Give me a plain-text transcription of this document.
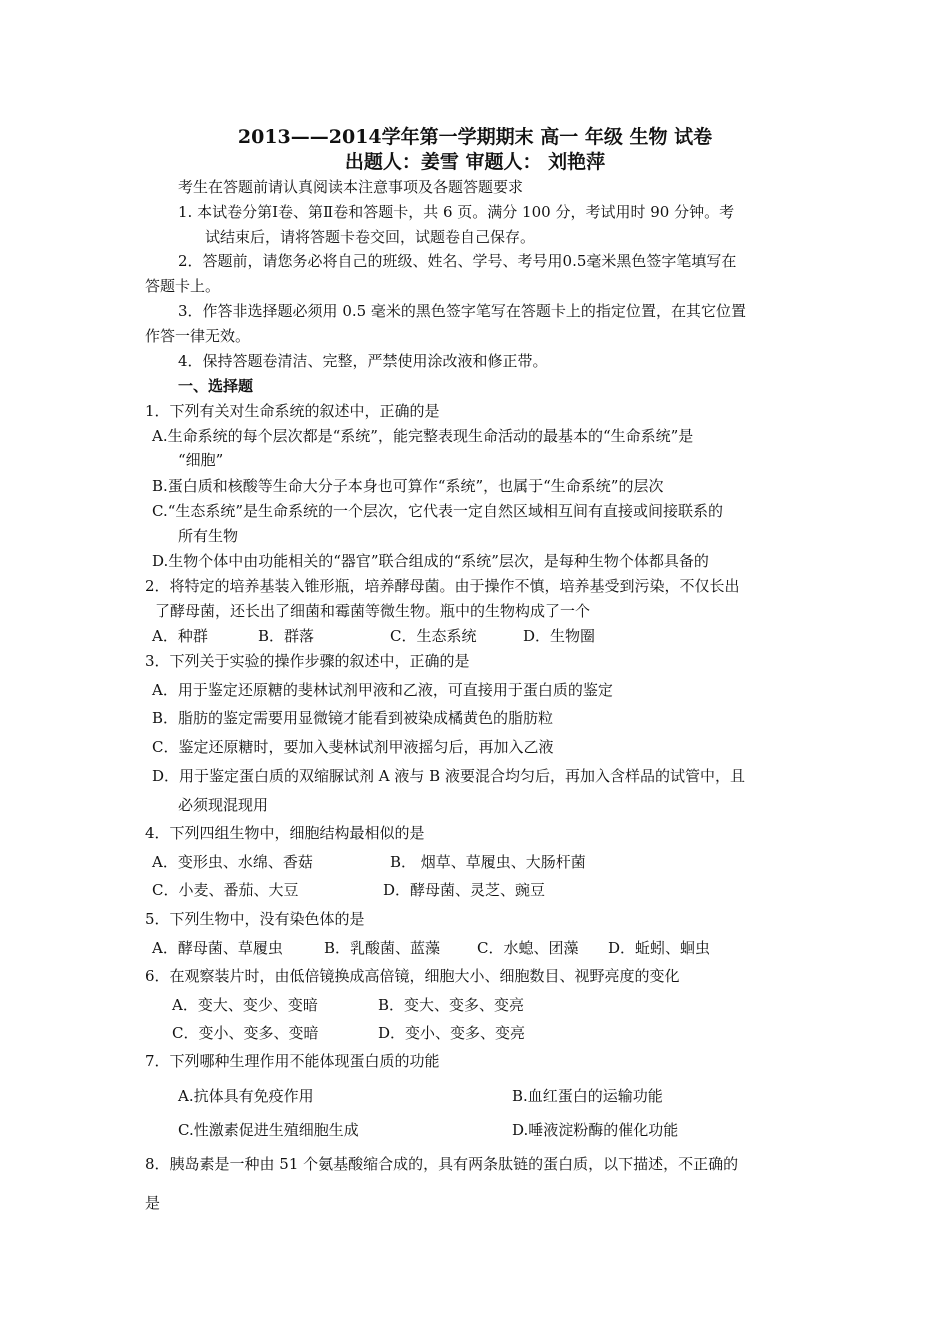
2013——2014学年第一学期期末 高一 年级 生物 试卷
出题人：姜雪 审题人： 刘艳萍
考生在答题前请认真阅读本注意事项及各题答题要求
1. 本试卷分第Ⅰ卷、第Ⅱ卷和答题卡，共 6 页。满分 100 分，考试用时 90 分钟。考
试结束后，请将答题卡卷交回，试题卷自己保存。
2．答题前，请您务必将自己的班级、姓名、学号、考号用0.5毫米黑色签字笔填写在
答题卡上。
3．作答非选择题必须用 0.5 毫米的黑色签字笔写在答题卡上的指定位置，在其它位置
作答一律无效。
4．保持答题卷清洁、完整，严禁使用涂改液和修正带。
一、选择题
1．下列有关对生命系统的叙述中，正确的是
A.生命系统的每个层次都是“系统”，能完整表现生命活动的最基本的“生命系统”是
“细胞”
B.蛋白质和核酸等生命大分子本身也可算作“系统”，也属于“生命系统”的层次
C.“生态系统”是生命系统的一个层次，它代表一定自然区域相互间有直接或间接联系的
所有生物
D.生物个体中由功能相关的“器官”联合组成的“系统”层次，是每种生物个体都具备的
2．将特定的培养基装入锥形瓶，培养酵母菌。由于操作不慎，培养基受到污染，不仅长出
了酵母菌，还长出了细菌和霉菌等微生物。瓶中的生物构成了一个
A．种群	B．群落	C．生态系统	D．生物圈
3．下列关于实验的操作步骤的叙述中，正确的是
A．用于鉴定还原糖的斐林试剂甲液和乙液，可直接用于蛋白质的鉴定
B．脂肪的鉴定需要用显微镜才能看到被染成橘黄色的脂肪粒
C．鉴定还原糖时，要加入斐林试剂甲液摇匀后，再加入乙液
D．用于鉴定蛋白质的双缩脲试剂 A 液与 B 液要混合均匀后，再加入含样品的试管中，且
必须现混现用
4．下列四组生物中，细胞结构最相似的是
A．变形虫、水绵、香菇	B． 烟草、草履虫、大肠杆菌
C．小麦、番茄、大豆	D．酵母菌、灵芝、豌豆
5．下列生物中，没有染色体的是
A．酵母菌、草履虫	B．乳酸菌、蓝藻 C．水螅、团藻 D．蚯蚓、蛔虫
6．在观察装片时，由低倍镜换成高倍镜，细胞大小、细胞数目、视野亮度的变化
A．变大、变少、变暗	B．变大、变多、变亮
C．变小、变多、变暗	D．变小、变多、变亮
7．下列哪种生理作用不能体现蛋白质的功能
A.抗体具有免疫作用	B.血红蛋白的运输功能
C.性激素促进生殖细胞生成	D.唾液淀粉酶的催化功能
8．胰岛素是一种由 51 个氨基酸缩合成的，具有两条肽链的蛋白质，以下描述，不正确的
是
